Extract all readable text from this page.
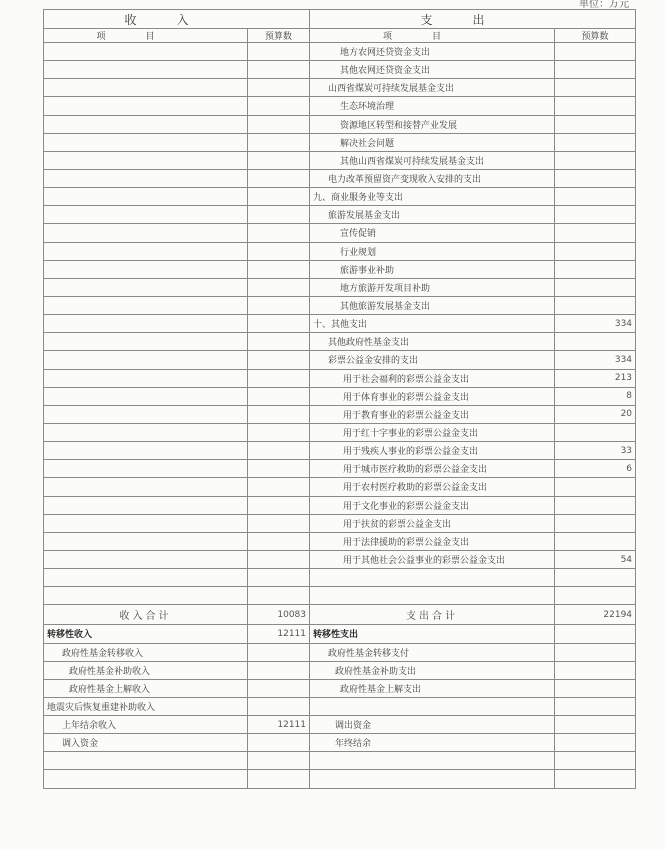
单位：万元
收入		支出	
项目	预算数	项目	预算数
		地方农网还贷资金支出	
		其他农网还贷资金支出	
		山西省煤炭可持续发展基金支出	
		生态环境治理	
		资源地区转型和接替产业发展	
		解决社会问题	
		其他山西省煤炭可持续发展基金支出	
		电力改革预留资产变现收入安排的支出	
		九、商业服务业等支出	
		旅游发展基金支出	
		宣传促销	
		行业规划	
		旅游事业补助	
		地方旅游开发项目补助	
		其他旅游发展基金支出	
		十、其他支出	334
		其他政府性基金支出	
		彩票公益金安排的支出	334
		用于社会福利的彩票公益金支出	213
		用于体育事业的彩票公益金支出	8
		用于教育事业的彩票公益金支出	20
		用于红十字事业的彩票公益金支出	
		用于残疾人事业的彩票公益金支出	33
		用于城市医疗救助的彩票公益金支出	6
		用于农村医疗救助的彩票公益金支出	
		用于文化事业的彩票公益金支出	
		用于扶贫的彩票公益金支出	
		用于法律援助的彩票公益金支出	
		用于其他社会公益事业的彩票公益金支出	54

收入合计	10083	支出合计	22194
转移性收入	12111	转移性支出	
政府性基金转移收入		政府性基金转移支付	
政府性基金补助收入		政府性基金补助支出	
政府性基金上解收入		政府性基金上解支出	
地震灾后恢复重建补助收入			
上年结余收入	12111	调出资金	
调入资金		年终结余	
